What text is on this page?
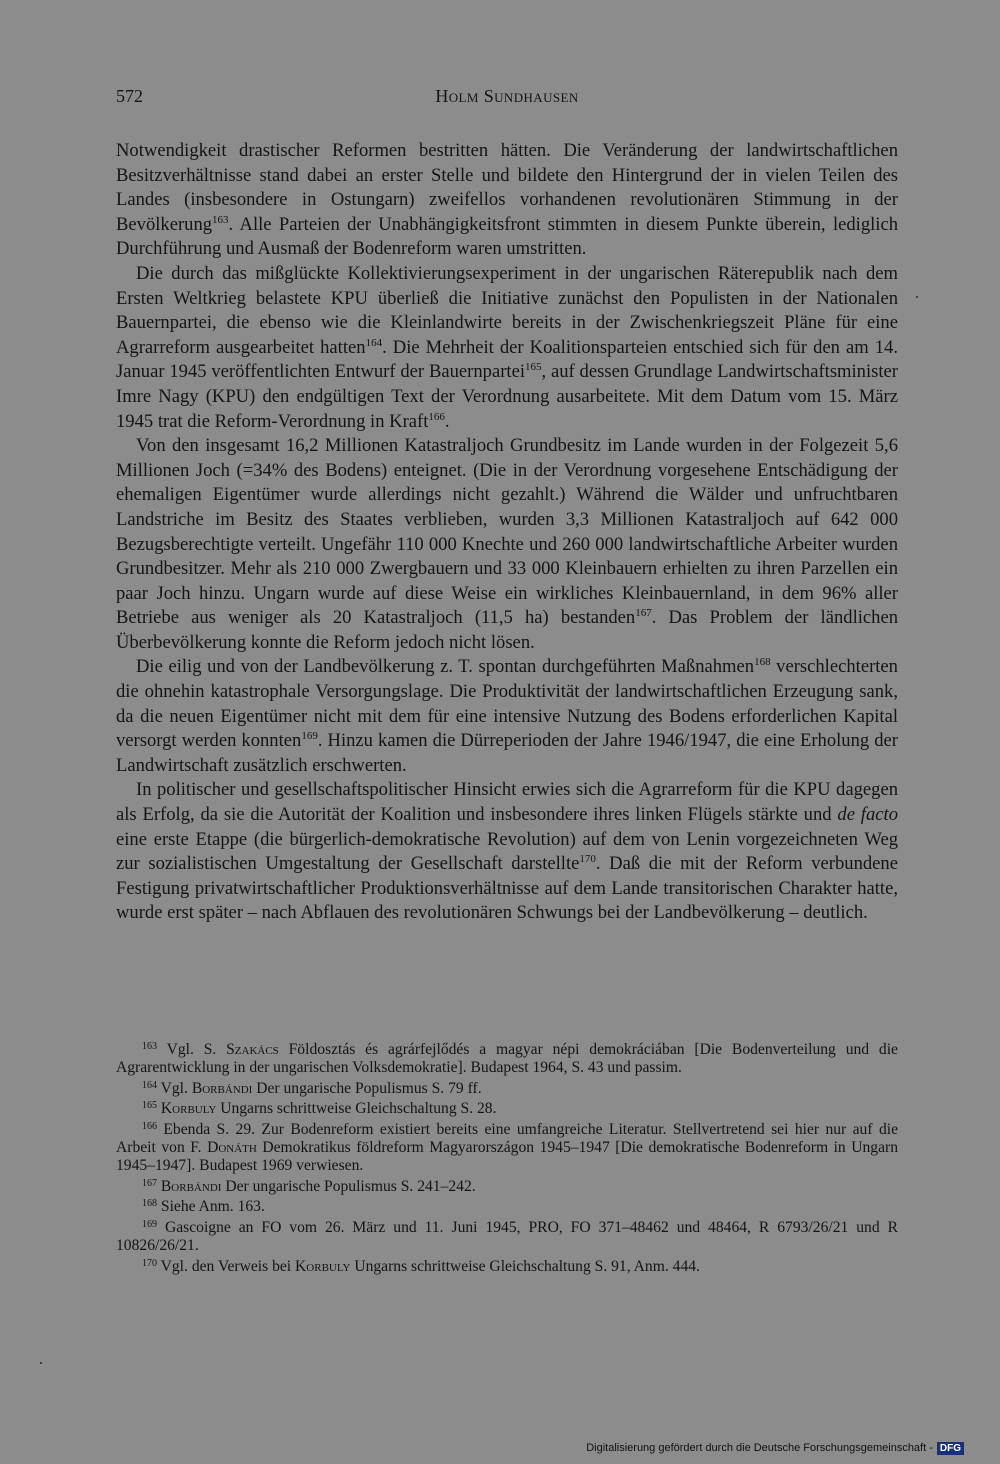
572	Holm Sundhausen

Notwendigkeit drastischer Reformen bestritten hätten. Die Veränderung der landwirtschaftlichen Besitzverhältnisse stand dabei an erster Stelle und bildete den Hintergrund der in vielen Teilen des Landes (insbesondere in Ostungarn) zweifellos vorhandenen revolutionären Stimmung in der Bevölkerung$^{163}$. Alle Parteien der Unabhängigkeitsfront stimmten in diesem Punkte überein, lediglich Durchführung und Ausmaß der Bodenreform waren umstritten.

Die durch das mißglückte Kollektivierungsexperiment in der ungarischen Räterepublik nach dem Ersten Weltkrieg belastete KPU überließ die Initiative zunächst den Populisten in der Nationalen Bauernpartei, die ebenso wie die Kleinlandwirte bereits in der Zwischenkriegszeit Pläne für eine Agrarreform ausgearbeitet hatten$^{164}$. Die Mehrheit der Koalitionsparteien entschied sich für den am 14. Januar 1945 veröffentlichten Entwurf der Bauernpartei$^{165}$, auf dessen Grundlage Landwirtschaftsminister Imre Nagy (KPU) den endgültigen Text der Verordnung ausarbeitete. Mit dem Datum vom 15. März 1945 trat die Reform-Verordnung in Kraft$^{166}$.

Von den insgesamt 16,2 Millionen Katastraljoch Grundbesitz im Lande wurden in der Folgezeit 5,6 Millionen Joch (=34% des Bodens) enteignet. (Die in der Verordnung vorgesehene Entschädigung der ehemaligen Eigentümer wurde allerdings nicht gezahlt.) Während die Wälder und unfruchtbaren Landstriche im Besitz des Staates verblieben, wurden 3,3 Millionen Katastraljoch auf 642 000 Bezugsberechtigte verteilt. Ungefähr 110 000 Knechte und 260 000 landwirtschaftliche Arbeiter wurden Grundbesitzer. Mehr als 210 000 Zwergbauern und 33 000 Kleinbauern erhielten zu ihren Parzellen ein paar Joch hinzu. Ungarn wurde auf diese Weise ein wirkliches Kleinbauernland, in dem 96% aller Betriebe aus weniger als 20 Katastraljoch (11,5 ha) bestanden$^{167}$. Das Problem der ländlichen Überbevölkerung konnte die Reform jedoch nicht lösen.

Die eilig und von der Landbevölkerung z. T. spontan durchgeführten Maßnahmen$^{168}$ verschlechterten die ohnehin katastrophale Versorgungslage. Die Produktivität der landwirtschaftlichen Erzeugung sank, da die neuen Eigentümer nicht mit dem für eine intensive Nutzung des Bodens erforderlichen Kapital versorgt werden konnten$^{169}$. Hinzu kamen die Dürreperioden der Jahre 1946/1947, die eine Erholung der Landwirtschaft zusätzlich erschwerten.

In politischer und gesellschaftspolitischer Hinsicht erwies sich die Agrarreform für die KPU dagegen als Erfolg, da sie die Autorität der Koalition und insbesondere ihres linken Flügels stärkte und de facto eine erste Etappe (die bürgerlich-demokratische Revolution) auf dem von Lenin vorgezeichneten Weg zur sozialistischen Umgestaltung der Gesellschaft darstellte$^{170}$. Daß die mit der Reform verbundene Festigung privatwirtschaftlicher Produktionsverhältnisse auf dem Lande transitorischen Charakter hatte, wurde erst später – nach Abflauen des revolutionären Schwungs bei der Landbevölkerung – deutlich.

$^{163}$ Vgl. S. Szakács Földosztás és agrárfejlődés a magyar népi demokráciában [Die Bodenverteilung und die Agrarentwicklung in der ungarischen Volksdemokratie]. Budapest 1964, S. 43 und passim.

$^{164}$ Vgl. Borbándi Der ungarische Populismus S. 79 ff.

$^{165}$ Korbuly Ungarns schrittweise Gleichschaltung S. 28.

$^{166}$ Ebenda S. 29. Zur Bodenreform existiert bereits eine umfangreiche Literatur. Stellvertretend sei hier nur auf die Arbeit von F. Donáth Demokratikus földreform Magyarországon 1945–1947 [Die demokratische Bodenreform in Ungarn 1945–1947]. Budapest 1969 verwiesen.

$^{167}$ Borbándi Der ungarische Populismus S. 241–242.

$^{168}$ Siehe Anm. 163.

$^{169}$ Gascoigne an FO vom 26. März und 11. Juni 1945, PRO, FO 371–48462 und 48464, R 6793/26/21 und R 10826/26/21.

$^{170}$ Vgl. den Verweis bei Korbuly Ungarns schrittweise Gleichschaltung S. 91, Anm. 444.

Digitalisierung gefördert durch die Deutsche Forschungsgemeinschaft - DFG
